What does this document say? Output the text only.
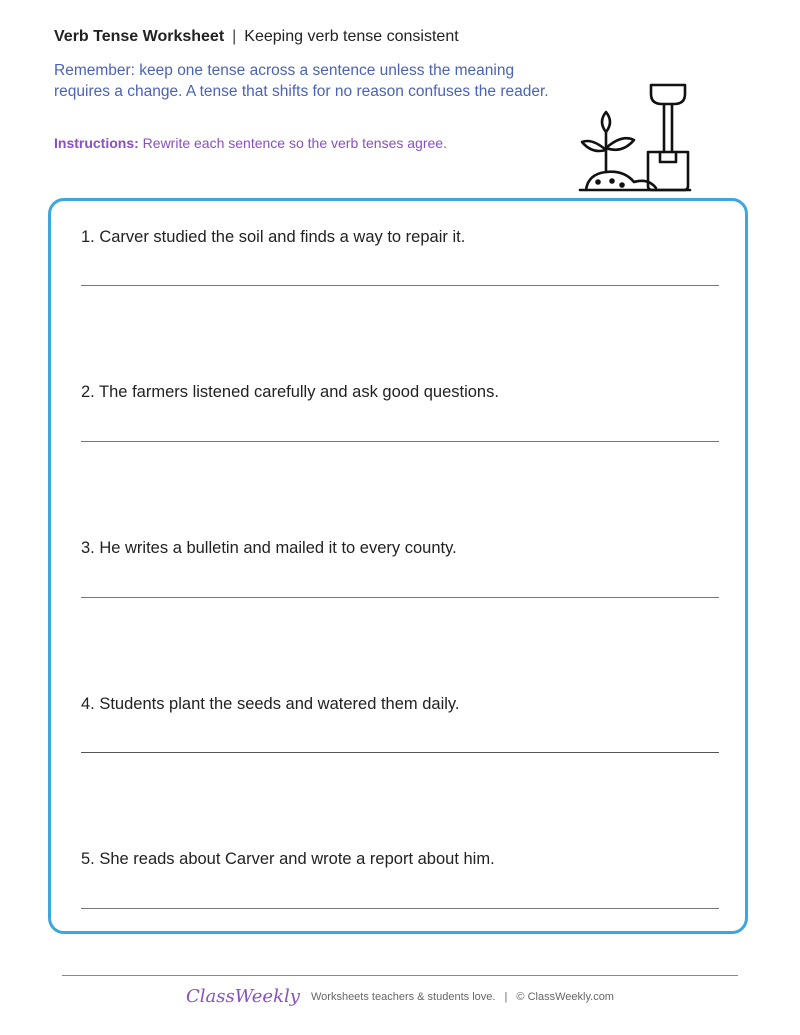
Verb Tense Worksheet | Keeping verb tense consistent
Remember: keep one tense across a sentence unless the meaning requires a change. A tense that shifts for no reason confuses the reader.
Instructions: Rewrite each sentence so the verb tenses agree.
1. Carver studied the soil and finds a way to repair it.
2. The farmers listened carefully and ask good questions.
3. He writes a bulletin and mailed it to every county.
4. Students plant the seeds and watered them daily.
5. She reads about Carver and wrote a report about him.
ClassWeekly Worksheets teachers & students love. | © ClassWeekly.com
